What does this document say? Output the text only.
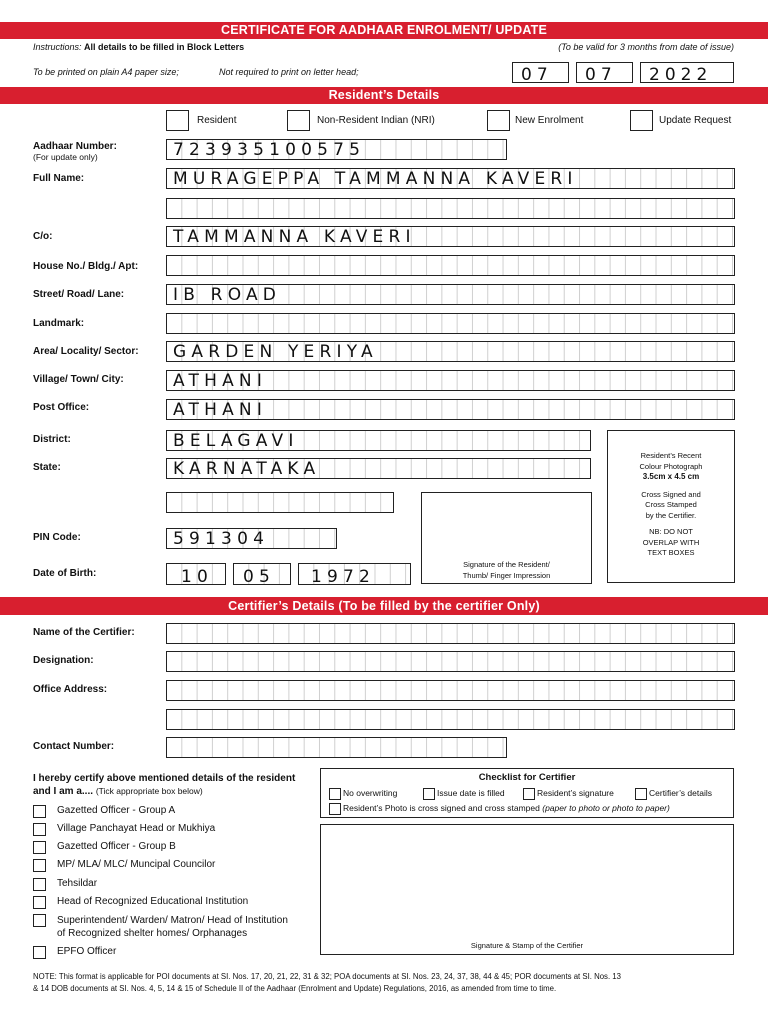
CERTIFICATE FOR AADHAAR ENROLMENT/ UPDATE
Instructions: All details to be filled in Block Letters	(To be valid for 3 months from date of issue)
To be printed on plain A4 paper size;	Not required to print on letter head;	07	07	2022
Resident’s Details
Resident	Non-Resident Indian (NRI)	New Enrolment	Update Request
Aadhaar Number:
(For update only)	723935100575
Full Name:	MURAGEPPA TAMMANNA KAVERI
C/o:	TAMMANNA KAVERI
House No./ Bldg./ Apt:
Street/ Road/ Lane:	IB ROAD
Landmark:
Area/ Locality/ Sector: GARDEN YERIYA
Village/ Town/ City:	ATHANI
Post Office:	ATHANI
District:	BELAGAVI
State:	KARNATAKA
PIN Code:	591304
Date of Birth:	10 05 1972
Signature of the Resident/
Thumb/ Finger Impression
Resident’s Recent
Colour Photograph
3.5cm x 4.5 cm
Cross Signed and
Cross Stamped
by the Certifier.
NB: DO NOT
OVERLAP WITH
TEXT BOXES
Certifier’s Details (To be filled by the certifier Only)
Name of the Certifier:
Designation:
Office Address:
Contact Number:
I hereby certify above mentioned details of the resident
and I am a.... (Tick appropriate box below)
Gazetted Officer - Group A
Village Panchayat Head or Mukhiya
Gazetted Officer - Group B
MP/ MLA/ MLC/ Muncipal Councilor
Tehsildar
Head of Recognized Educational Institution
Superintendent/ Warden/ Matron/ Head of Institution
of Recognized shelter homes/ Orphanages
EPFO Officer
Checklist for Certifier
No overwriting	Issue date is filled	Resident’s signature	Certifier’s details
Resident’s Photo is cross signed and cross stamped (paper to photo or photo to paper)
Signature & Stamp of the Certifier
NOTE: This format is applicable for POI documents at SI. Nos. 17, 20, 21, 22, 31 & 32; POA documents at SI. Nos. 23, 24, 37, 38, 44 & 45; POR documents at SI. Nos. 13
& 14 DOB documents at SI. Nos. 4, 5, 14 & 15 of Schedule II of the Aadhaar (Enrolment and Update) Regulations, 2016, as amended from time to time.
